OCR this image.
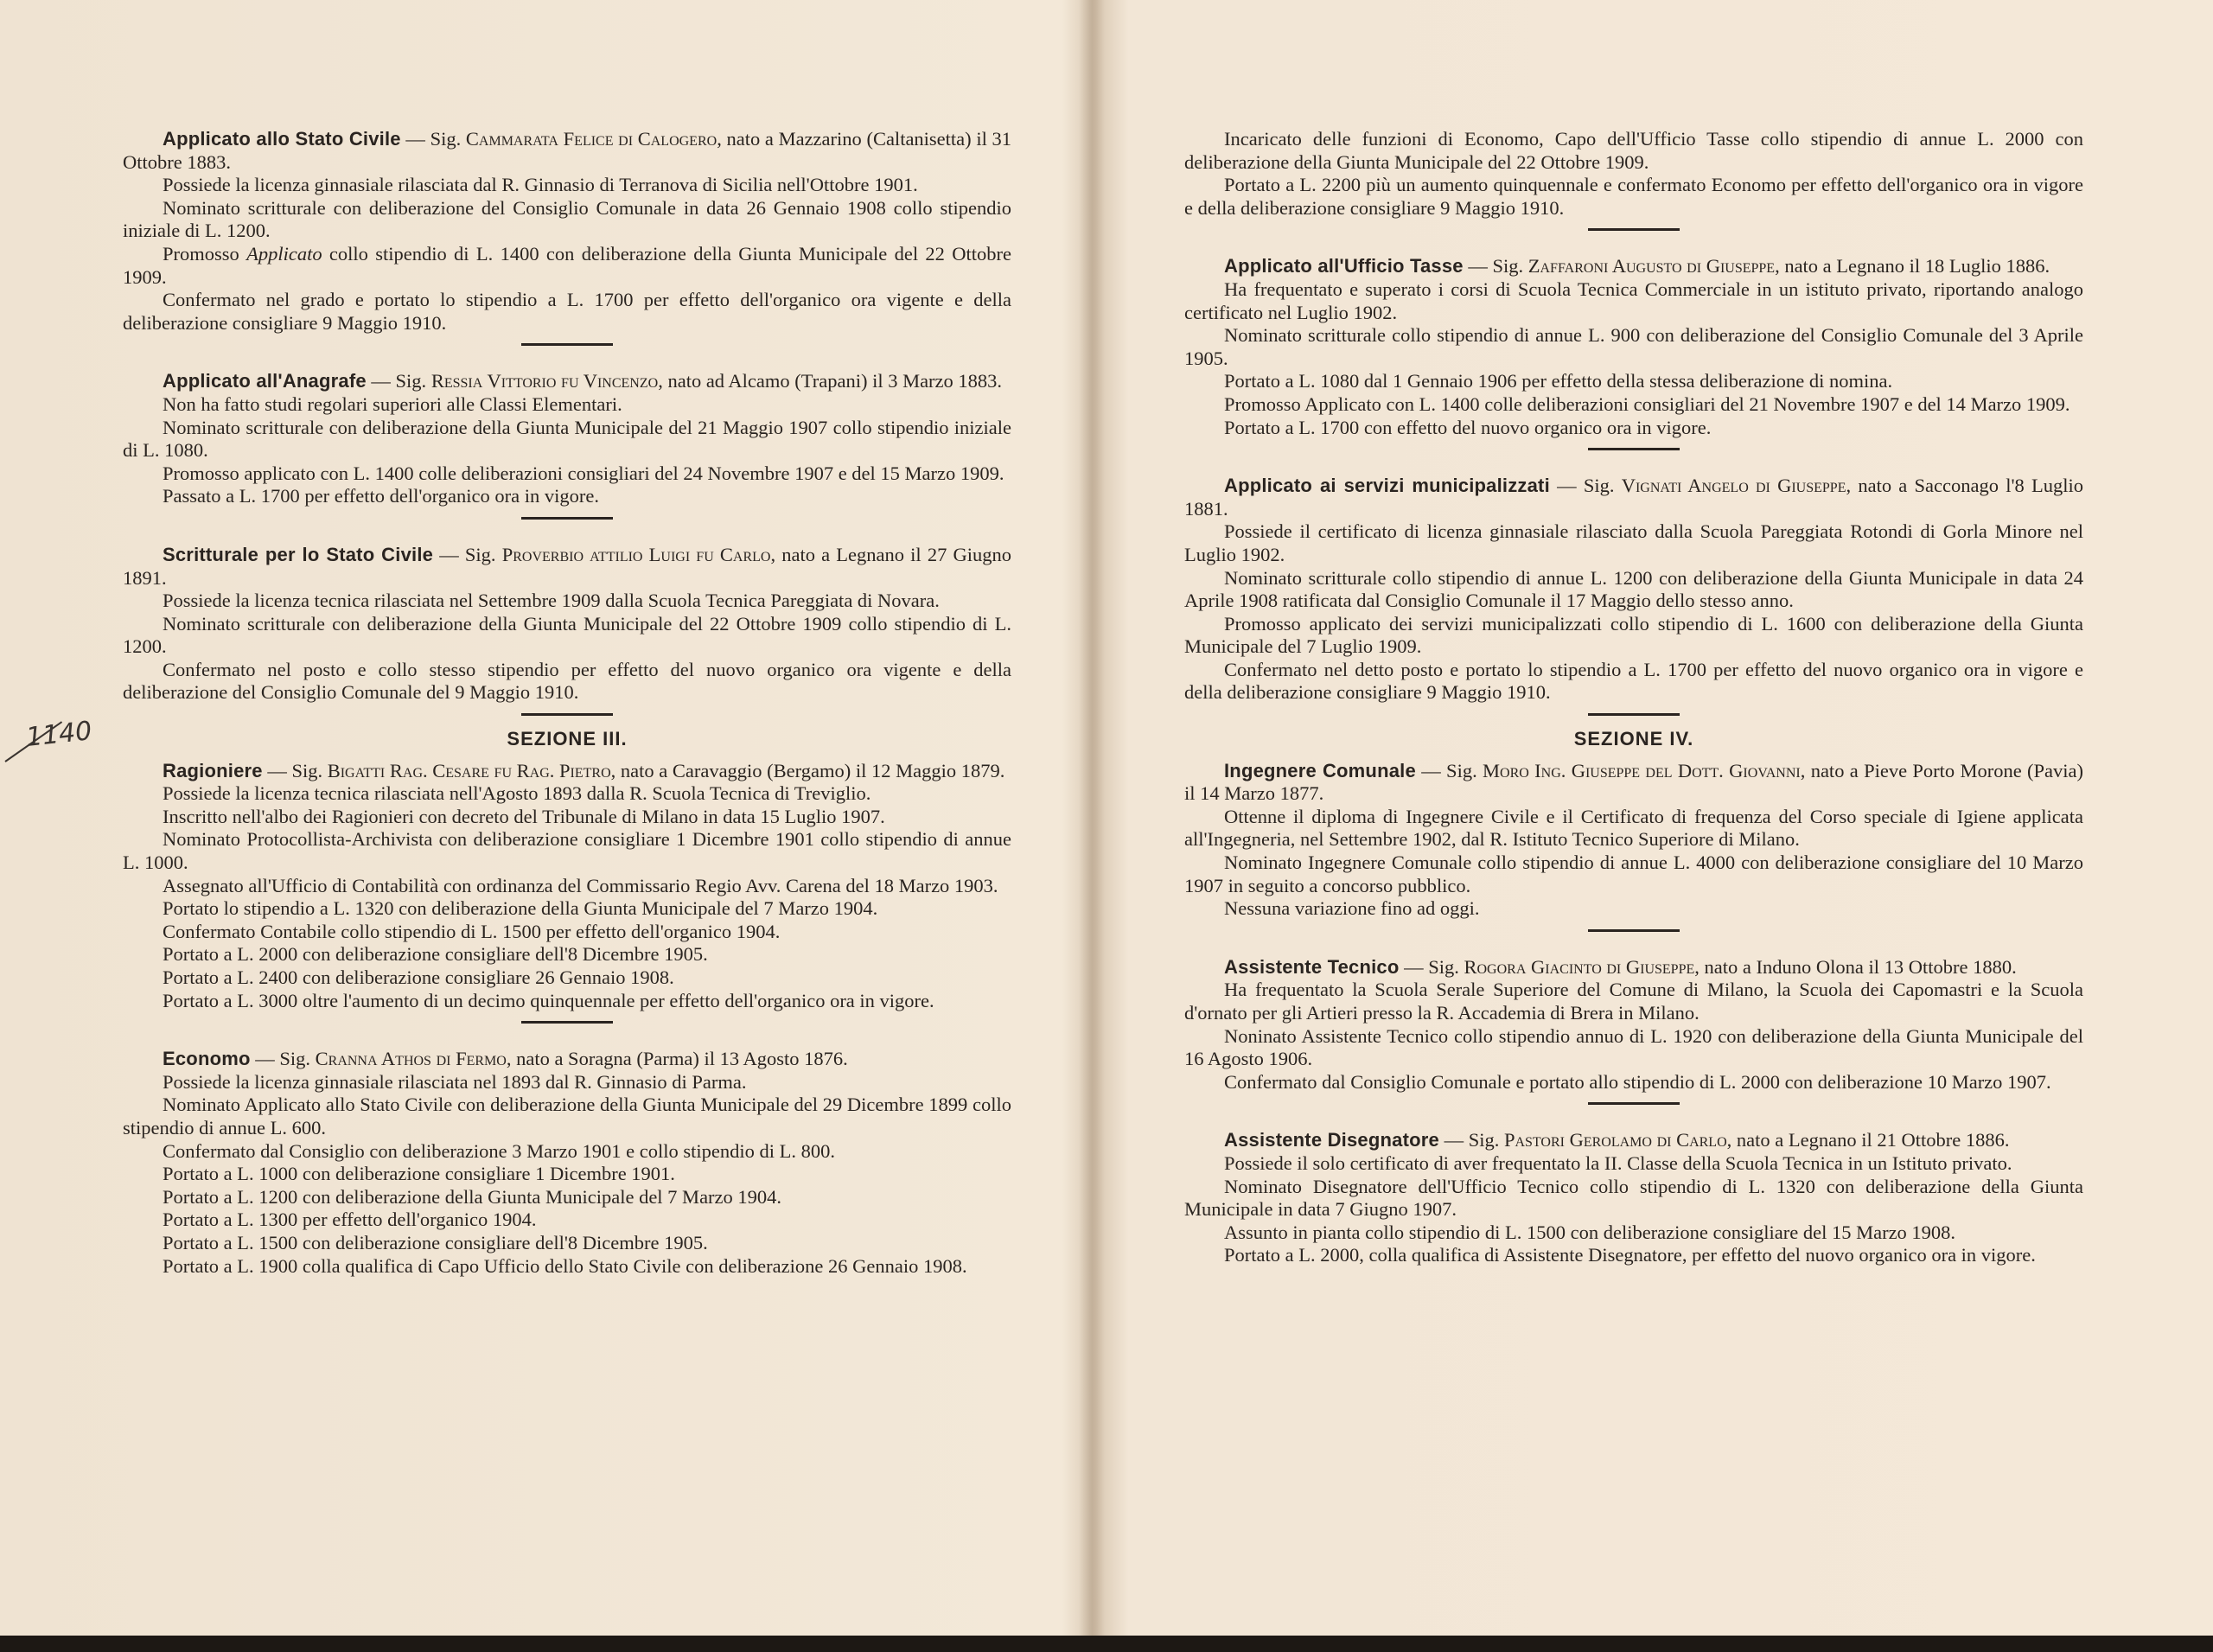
1140

Applicato allo Stato Civile — Sig. Cammarata Felice di Calogero, nato a Mazzarino (Caltanisetta) il 31 Ottobre 1883.

Possiede la licenza ginnasiale rilasciata dal R. Ginnasio di Terranova di Sicilia nell'Ottobre 1901.

Nominato scritturale con deliberazione del Consiglio Comunale in data 26 Gennaio 1908 collo stipendio iniziale di L. 1200.

Promosso Applicato collo stipendio di L. 1400 con deliberazione della Giunta Municipale del 22 Ottobre 1909.

Confermato nel grado e portato lo stipendio a L. 1700 per effetto dell'organico ora vigente e della deliberazione consigliare 9 Maggio 1910.

Applicato all'Anagrafe — Sig. Ressia Vittorio fu Vincenzo, nato ad Alcamo (Trapani) il 3 Marzo 1883.

Non ha fatto studi regolari superiori alle Classi Elementari.

Nominato scritturale con deliberazione della Giunta Municipale del 21 Maggio 1907 collo stipendio iniziale di L. 1080.

Promosso applicato con L. 1400 colle deliberazioni consigliari del 24 Novembre 1907 e del 15 Marzo 1909.

Passato a L. 1700 per effetto dell'organico ora in vigore.

Scritturale per lo Stato Civile — Sig. Proverbio attilio Luigi fu Carlo, nato a Legnano il 27 Giugno 1891.

Possiede la licenza tecnica rilasciata nel Settembre 1909 dalla Scuola Tecnica Pareggiata di Novara.

Nominato scritturale con deliberazione della Giunta Municipale del 22 Ottobre 1909 collo stipendio di L. 1200.

Confermato nel posto e collo stesso stipendio per effetto del nuovo organico ora vigente e della deliberazione del Consiglio Comunale del 9 Maggio 1910.

SEZIONE III.

Ragioniere — Sig. Bigatti Rag. Cesare fu Rag. Pietro, nato a Caravaggio (Bergamo) il 12 Maggio 1879.

Possiede la licenza tecnica rilasciata nell'Agosto 1893 dalla R. Scuola Tecnica di Treviglio.

Inscritto nell'albo dei Ragionieri con decreto del Tribunale di Milano in data 15 Luglio 1907.

Nominato Protocollista-Archivista con deliberazione consigliare 1 Dicembre 1901 collo stipendio di annue L. 1000.

Assegnato all'Ufficio di Contabilità con ordinanza del Commissario Regio Avv. Carena del 18 Marzo 1903.

Portato lo stipendio a L. 1320 con deliberazione della Giunta Municipale del 7 Marzo 1904.

Confermato Contabile collo stipendio di L. 1500 per effetto dell'organico 1904.

Portato a L. 2000 con deliberazione consigliare dell'8 Dicembre 1905.

Portato a L. 2400 con deliberazione consigliare 26 Gennaio 1908.

Portato a L. 3000 oltre l'aumento di un decimo quinquennale per effetto dell'organico ora in vigore.

Economo — Sig. Cranna Athos di Fermo, nato a Soragna (Parma) il 13 Agosto 1876.

Possiede la licenza ginnasiale rilasciata nel 1893 dal R. Ginnasio di Parma.

Nominato Applicato allo Stato Civile con deliberazione della Giunta Municipale del 29 Dicembre 1899 collo stipendio di annue L. 600.

Confermato dal Consiglio con deliberazione 3 Marzo 1901 e collo stipendio di L. 800.

Portato a L. 1000 con deliberazione consigliare 1 Dicembre 1901.

Portato a L. 1200 con deliberazione della Giunta Municipale del 7 Marzo 1904.

Portato a L. 1300 per effetto dell'organico 1904.

Portato a L. 1500 con deliberazione consigliare dell'8 Dicembre 1905.

Portato a L. 1900 colla qualifica di Capo Ufficio dello Stato Civile con deliberazione 26 Gennaio 1908.

Incaricato delle funzioni di Economo, Capo dell'Ufficio Tasse collo stipendio di annue L. 2000 con deliberazione della Giunta Municipale del 22 Ottobre 1909.

Portato a L. 2200 più un aumento quinquennale e confermato Economo per effetto dell'organico ora in vigore e della deliberazione consigliare 9 Maggio 1910.

Applicato all'Ufficio Tasse — Sig. Zaffaroni Augusto di Giuseppe, nato a Legnano il 18 Luglio 1886.

Ha frequentato e superato i corsi di Scuola Tecnica Commerciale in un istituto privato, riportando analogo certificato nel Luglio 1902.

Nominato scritturale collo stipendio di annue L. 900 con deliberazione del Consiglio Comunale del 3 Aprile 1905.

Portato a L. 1080 dal 1 Gennaio 1906 per effetto della stessa deliberazione di nomina.

Promosso Applicato con L. 1400 colle deliberazioni consigliari del 21 Novembre 1907 e del 14 Marzo 1909.

Portato a L. 1700 con effetto del nuovo organico ora in vigore.

Applicato ai servizi municipalizzati — Sig. Vignati Angelo di Giuseppe, nato a Sacconago l'8 Luglio 1881.

Possiede il certificato di licenza ginnasiale rilasciato dalla Scuola Pareggiata Rotondi di Gorla Minore nel Luglio 1902.

Nominato scritturale collo stipendio di annue L. 1200 con deliberazione della Giunta Municipale in data 24 Aprile 1908 ratificata dal Consiglio Comunale il 17 Maggio dello stesso anno.

Promosso applicato dei servizi municipalizzati collo stipendio di L. 1600 con deliberazione della Giunta Municipale del 7 Luglio 1909.

Confermato nel detto posto e portato lo stipendio a L. 1700 per effetto del nuovo organico ora in vigore e della deliberazione consigliare 9 Maggio 1910.

SEZIONE IV.

Ingegnere Comunale — Sig. Moro Ing. Giuseppe del Dott. Giovanni, nato a Pieve Porto Morone (Pavia) il 14 Marzo 1877.

Ottenne il diploma di Ingegnere Civile e il Certificato di frequenza del Corso speciale di Igiene applicata all'Ingegneria, nel Settembre 1902, dal R. Istituto Tecnico Superiore di Milano.

Nominato Ingegnere Comunale collo stipendio di annue L. 4000 con deliberazione consigliare del 10 Marzo 1907 in seguito a concorso pubblico.

Nessuna variazione fino ad oggi.

Assistente Tecnico — Sig. Rogora Giacinto di Giuseppe, nato a Induno Olona il 13 Ottobre 1880.

Ha frequentato la Scuola Serale Superiore del Comune di Milano, la Scuola dei Capomastri e la Scuola d'ornato per gli Artieri presso la R. Accademia di Brera in Milano.

Noninato Assistente Tecnico collo stipendio annuo di L. 1920 con deliberazione della Giunta Municipale del 16 Agosto 1906.

Confermato dal Consiglio Comunale e portato allo stipendio di L. 2000 con deliberazione 10 Marzo 1907.

Assistente Disegnatore — Sig. Pastori Gerolamo di Carlo, nato a Legnano il 21 Ottobre 1886.

Possiede il solo certificato di aver frequentato la II. Classe della Scuola Tecnica in un Istituto privato.

Nominato Disegnatore dell'Ufficio Tecnico collo stipendio di L. 1320 con deliberazione della Giunta Municipale in data 7 Giugno 1907.

Assunto in pianta collo stipendio di L. 1500 con deliberazione consigliare del 15 Marzo 1908.

Portato a L. 2000, colla qualifica di Assistente Disegnatore, per effetto del nuovo organico ora in vigore.
